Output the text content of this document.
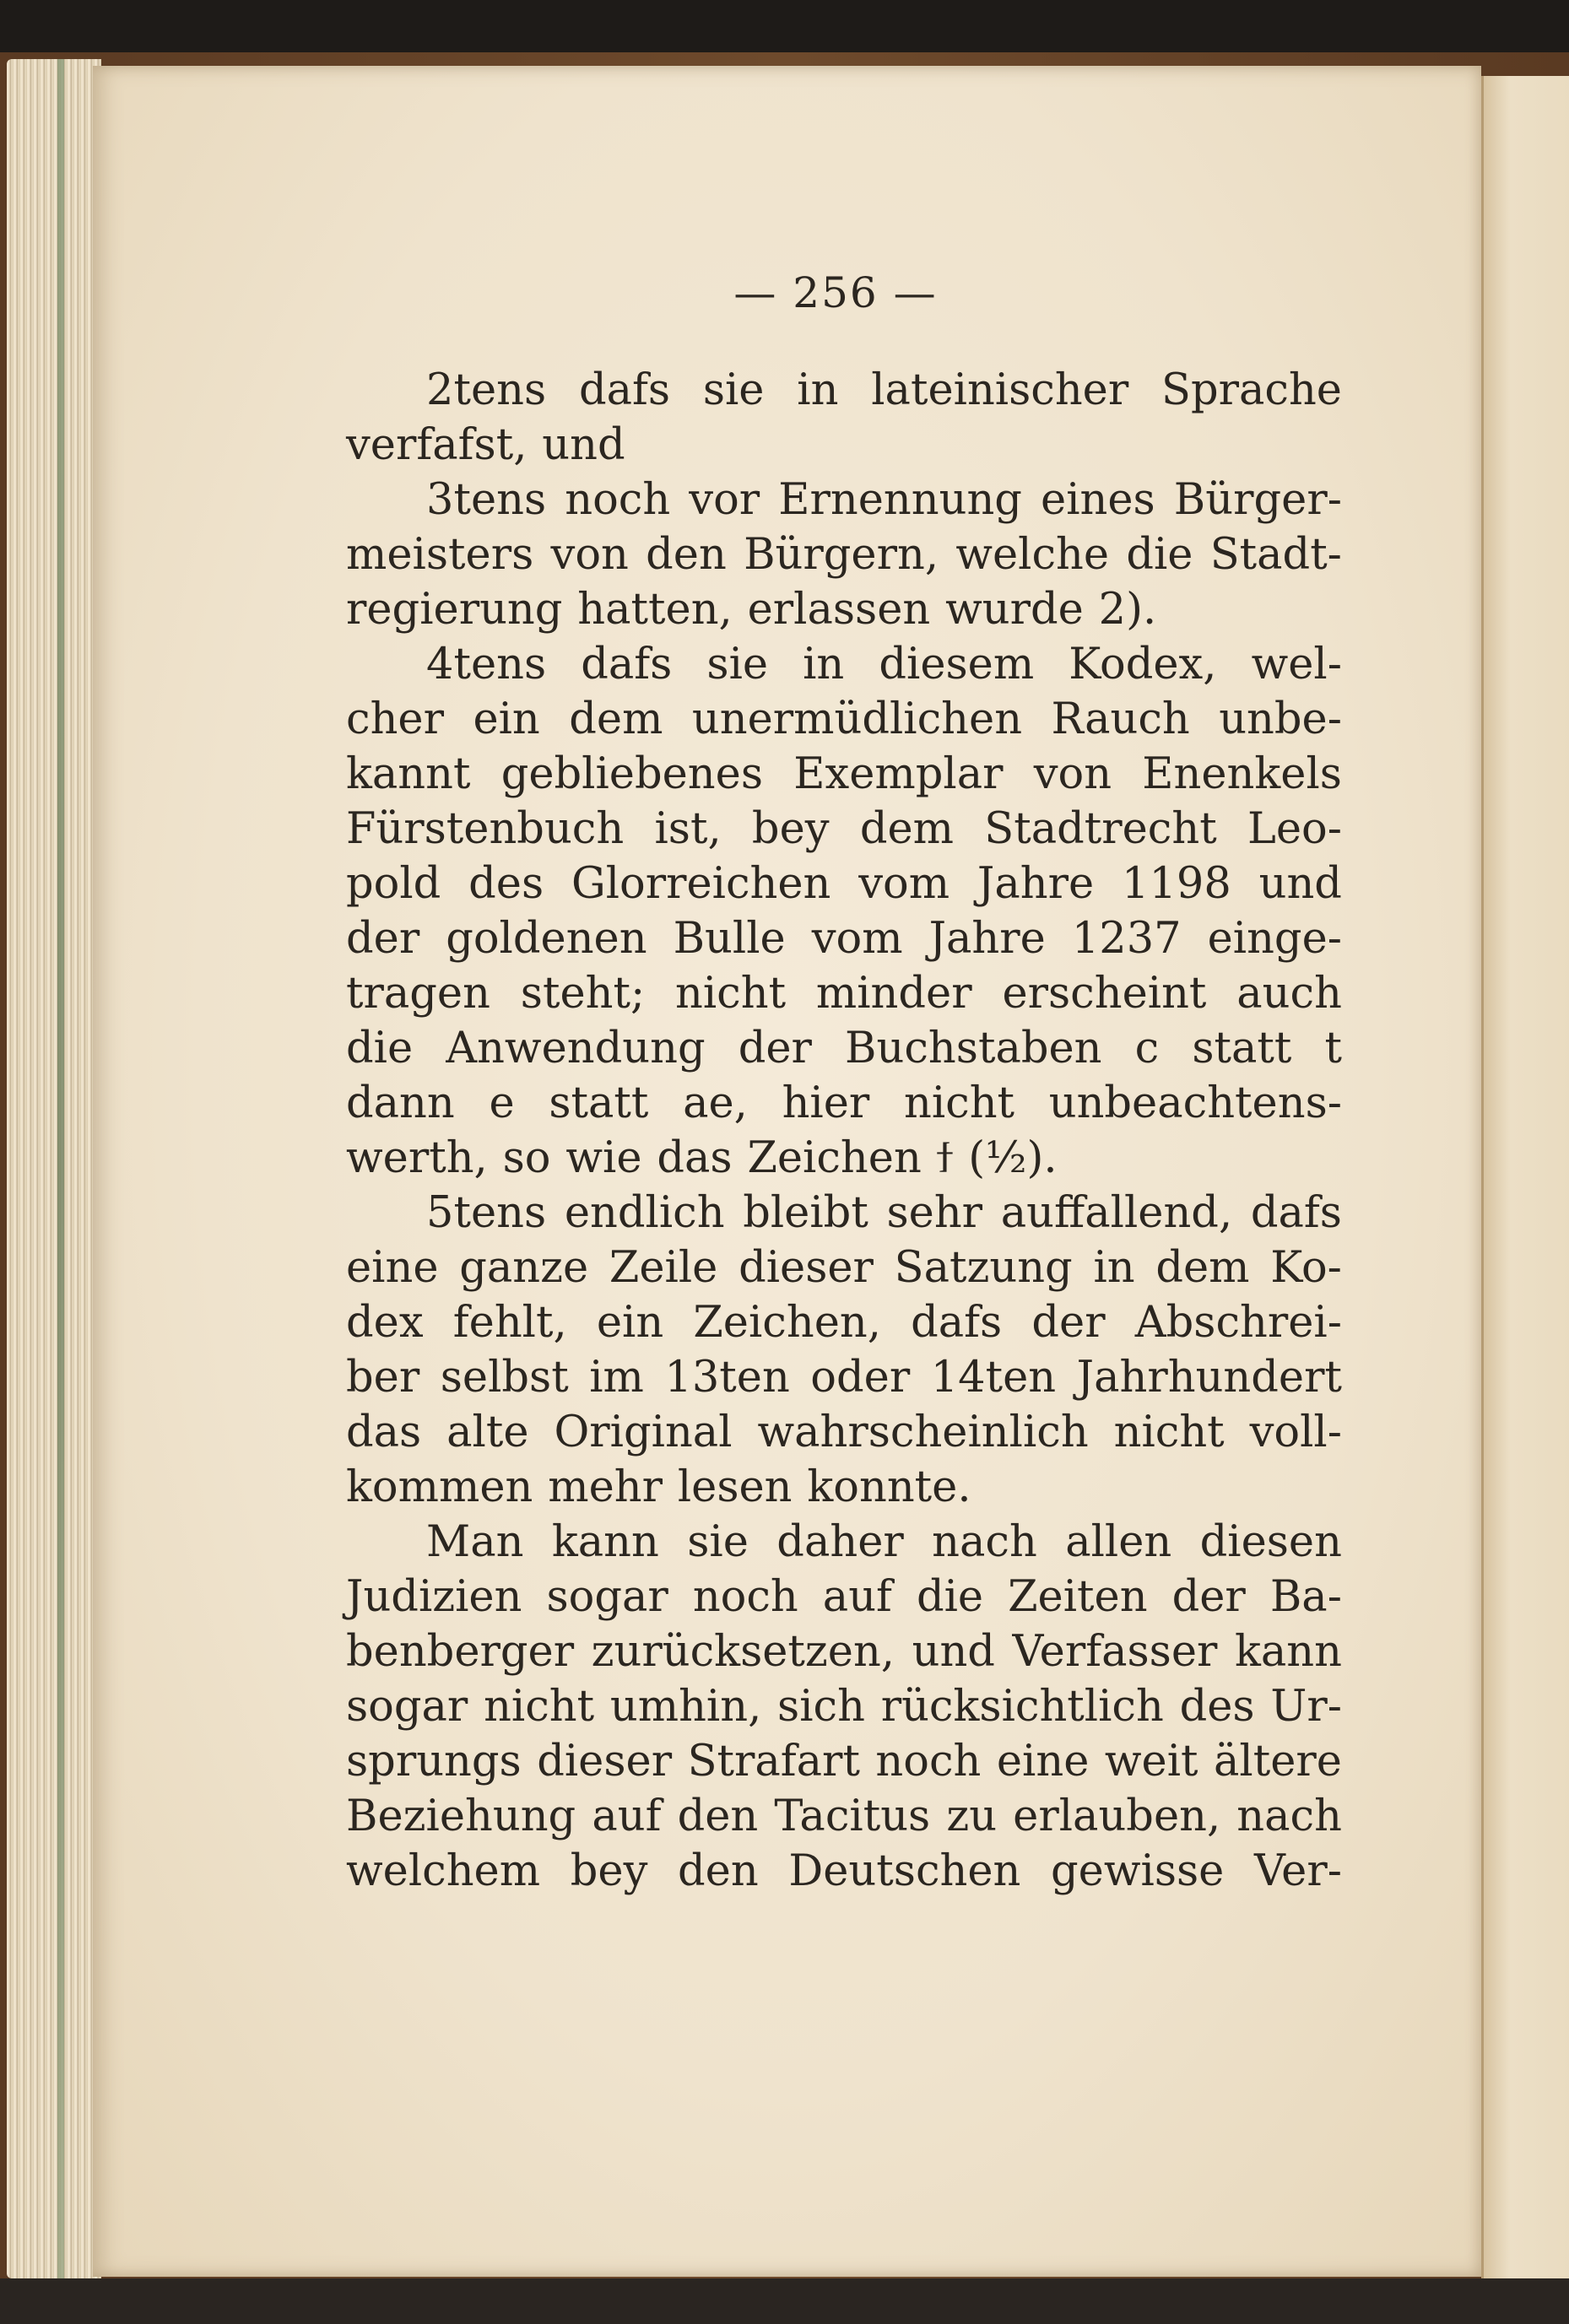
— 256 —
2tens dafs sie in lateinischer Sprache
verfafst, und
3tens noch vor Ernennung eines Bürger-
meisters von den Bürgern, welche die Stadt-
regierung hatten, erlassen wurde 2).
4tens dafs sie in diesem Kodex, wel-
cher ein dem unermüdlichen Rauch unbe-
kannt gebliebenes Exemplar von Enenkels
Fürstenbuch ist, bey dem Stadtrecht Leo-
pold des Glorreichen vom Jahre 1198 und
der goldenen Bulle vom Jahre 1237 einge-
tragen steht; nicht minder erscheint auch
die Anwendung der Buchstaben c statt t
dann e statt ae, hier nicht unbeachtens-
werth, so wie das Zeichen ϯ (½).
5tens endlich bleibt sehr auffallend, dafs
eine ganze Zeile dieser Satzung in dem Ko-
dex fehlt, ein Zeichen, dafs der Abschrei-
ber selbst im 13ten oder 14ten Jahrhundert
das alte Original wahrscheinlich nicht voll-
kommen mehr lesen konnte.
Man kann sie daher nach allen diesen
Judizien sogar noch auf die Zeiten der Ba-
benberger zurücksetzen, und Verfasser kann
sogar nicht umhin, sich rücksichtlich des Ur-
sprungs dieser Strafart noch eine weit ältere
Beziehung auf den Tacitus zu erlauben, nach
welchem bey den Deutschen gewisse Ver-
